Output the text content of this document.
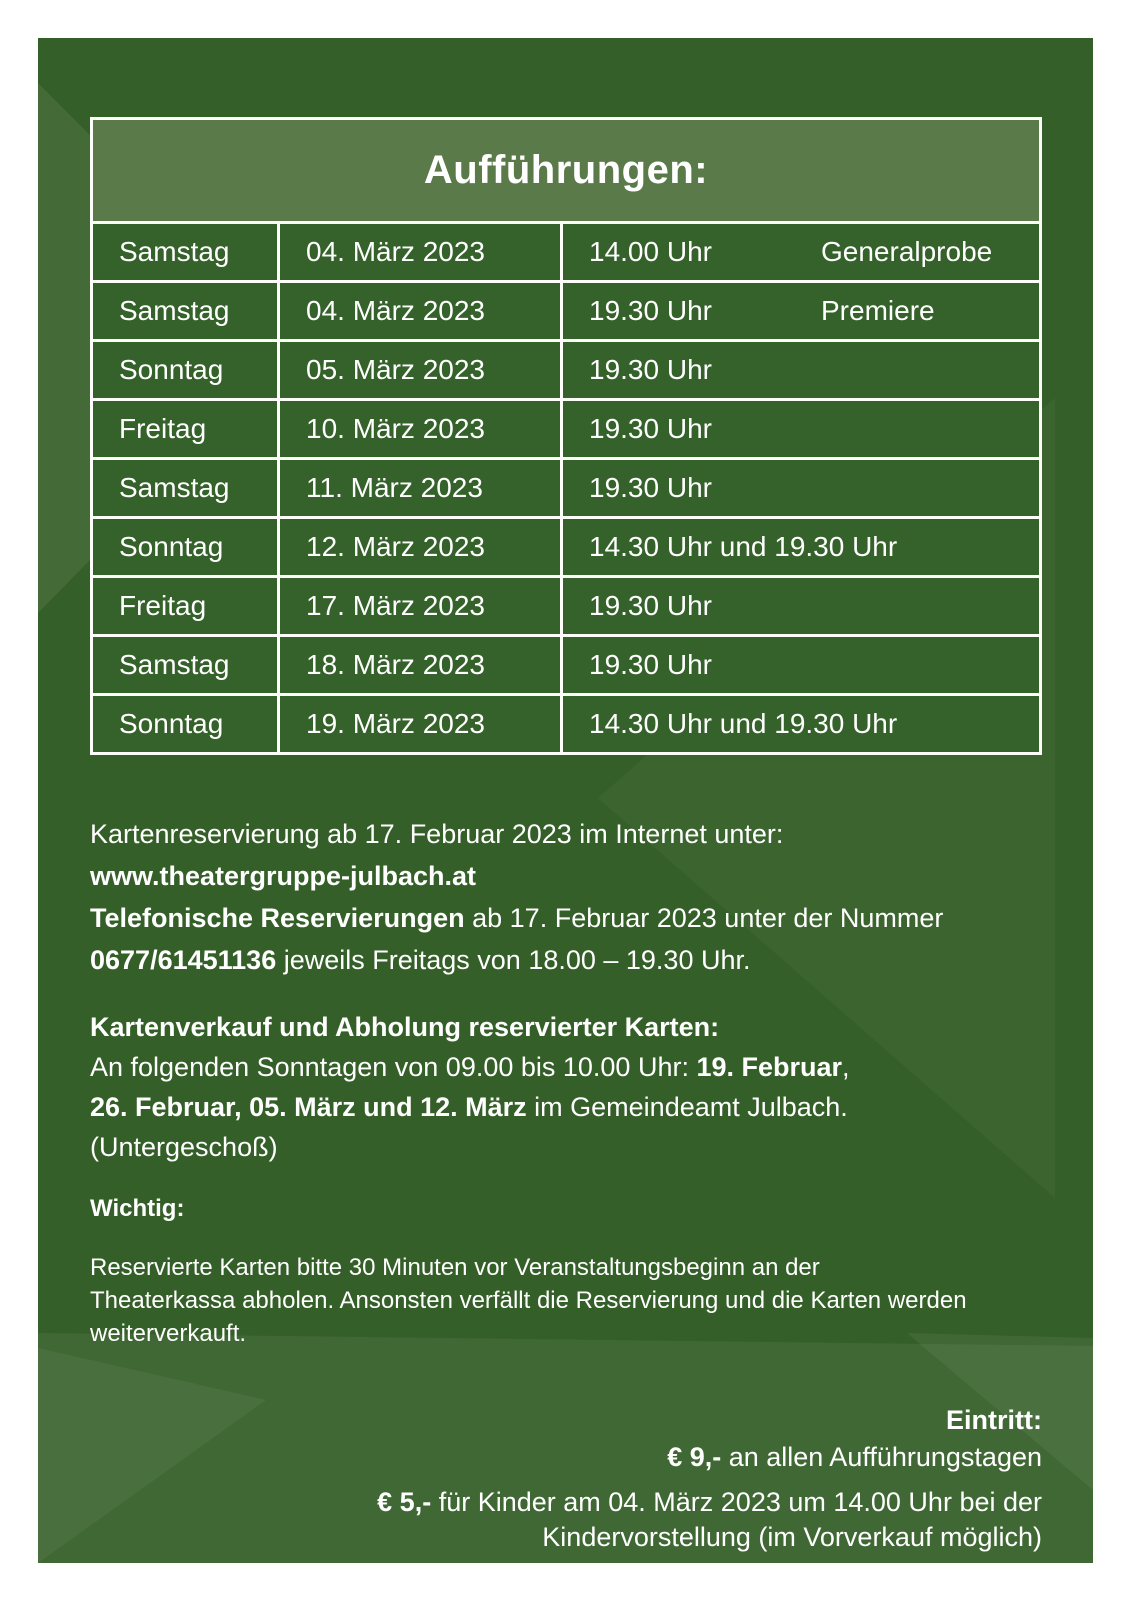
Aufführungen:
Samstag	04. März 2023	14.00 Uhr	Generalprobe
Samstag	04. März 2023	19.30 Uhr	Premiere
Sonntag	05. März 2023	19.30 Uhr
Freitag	10. März 2023	19.30 Uhr
Samstag	11. März 2023	19.30 Uhr
Sonntag	12. März 2023	14.30 Uhr und 19.30 Uhr
Freitag	17. März 2023	19.30 Uhr
Samstag	18. März 2023	19.30 Uhr
Sonntag	19. März 2023	14.30 Uhr und 19.30 Uhr

Kartenreservierung ab 17. Februar 2023 im Internet unter:
www.theatergruppe-julbach.at

Telefonische Reservierungen ab 17. Februar 2023 unter der Nummer
0677/61451136 jeweils Freitags von 18.00 – 19.30 Uhr.

Kartenverkauf und Abholung reservierter Karten:
An folgenden Sonntagen von 09.00 bis 10.00 Uhr: 19. Februar,
26. Februar, 05. März und 12. März im Gemeindeamt Julbach.
(Untergeschoß)

Wichtig:

Reservierte Karten bitte 30 Minuten vor Veranstaltungsbeginn an der
Theaterkassa abholen. Ansonsten verfällt die Reservierung und die Karten werden
weiterverkauft.

Eintritt:

€ 9,- an allen Aufführungstagen

€ 5,- für Kinder am 04. März 2023 um 14.00 Uhr bei der
Kindervorstellung (im Vorverkauf möglich)
